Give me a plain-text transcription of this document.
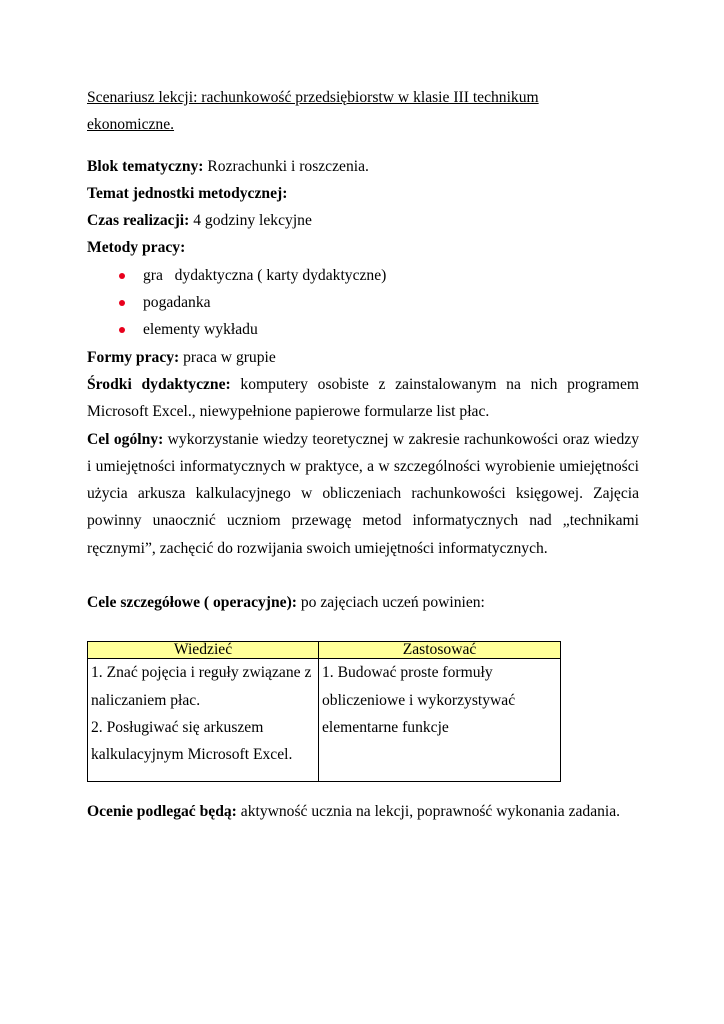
Scenariusz lekcji: rachunkowość przedsiębiorstw w klasie III technikum
ekonomiczne.
Blok tematyczny: Rozrachunki i roszczenia.
Temat jednostki metodycznej:
Czas realizacji: 4 godziny lekcyjne
Metody pracy:
gra   dydaktyczna ( karty dydaktyczne)
pogadanka
elementy wykładu
Formy pracy: praca w grupie
Środki dydaktyczne: komputery osobiste z zainstalowanym na nich programem Microsoft Excel., niewypełnione papierowe formularze list płac.
Cel ogólny: wykorzystanie wiedzy teoretycznej w zakresie rachunkowości oraz wiedzy i umiejętności informatycznych w praktyce, a w szczególności wyrobienie umiejętności użycia arkusza kalkulacyjnego w obliczeniach rachunkowości księgowej. Zajęcia powinny unaocznić uczniom przewagę metod informatycznych nad „technikami ręcznymi”, zachęcić do rozwijania swoich umiejętności informatycznych.
Cele szczegółowe ( operacyjne): po zajęciach uczeń powinien:
Wiedzieć	Zastosować
1. Znać pojęcia i reguły związane z naliczaniem płac.
2. Posługiwać się arkuszem kalkulacyjnym Microsoft Excel.	1. Budować proste formuły obliczeniowe i wykorzystywać elementarne funkcje
Ocenie podlegać będą: aktywność ucznia na lekcji, poprawność wykonania zadania.
